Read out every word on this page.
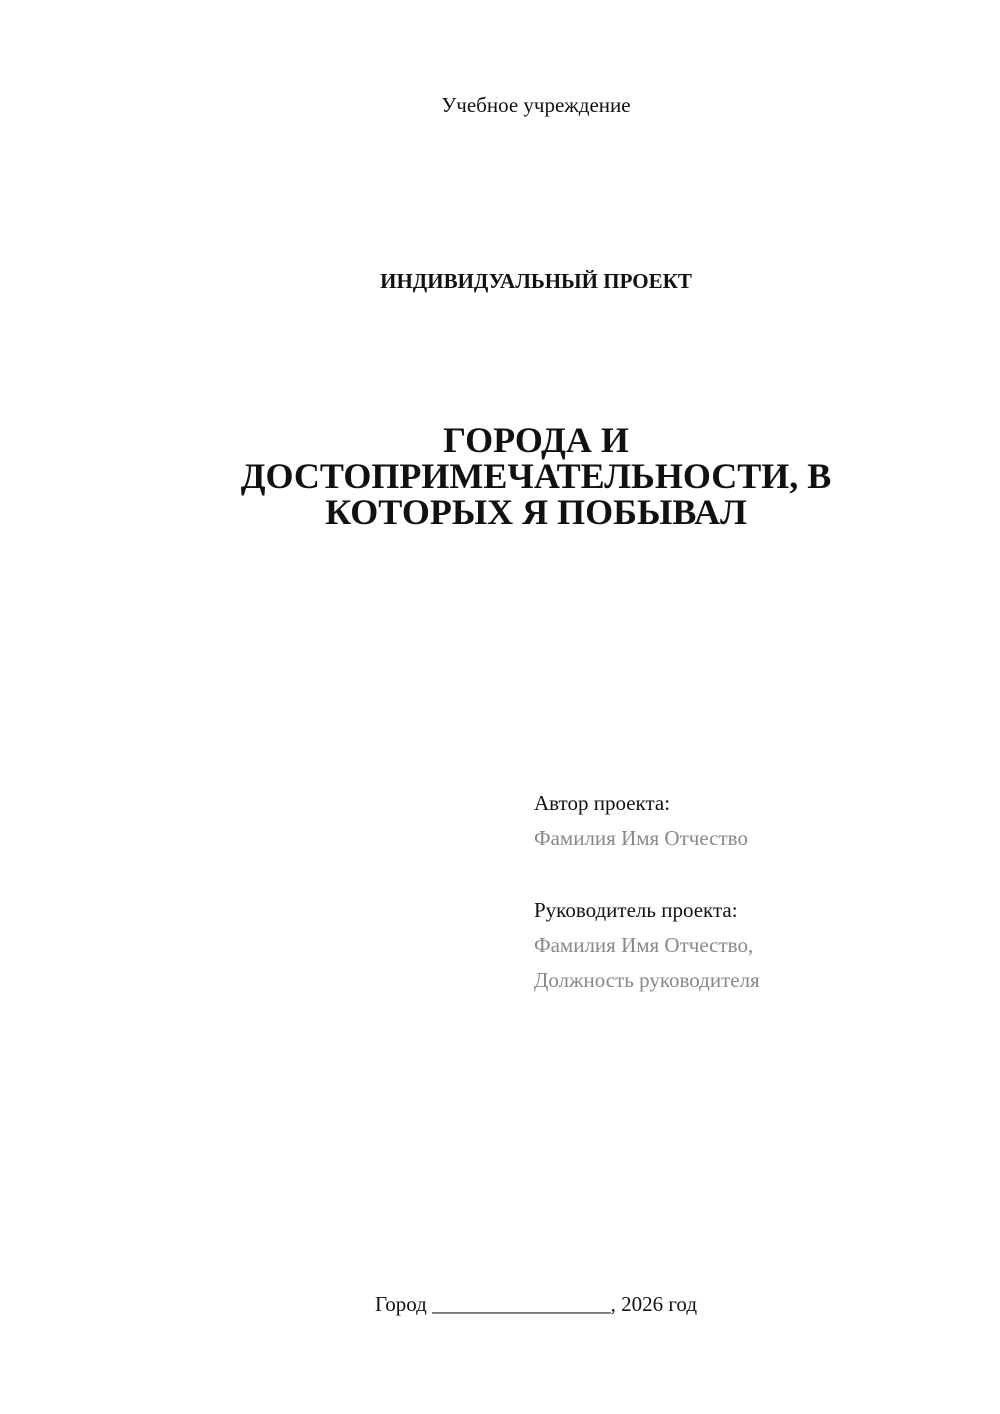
Учебное учреждение
ИНДИВИДУАЛЬНЫЙ ПРОЕКТ
ГОРОДА И
ДОСТОПРИМЕЧАТЕЛЬНОСТИ, В
КОТОРЫХ Я ПОБЫВАЛ
Автор проекта:
Фамилия Имя Отчество
Руководитель проекта:
Фамилия Имя Отчество,
Должность руководителя
Город _________________, 2026 год
